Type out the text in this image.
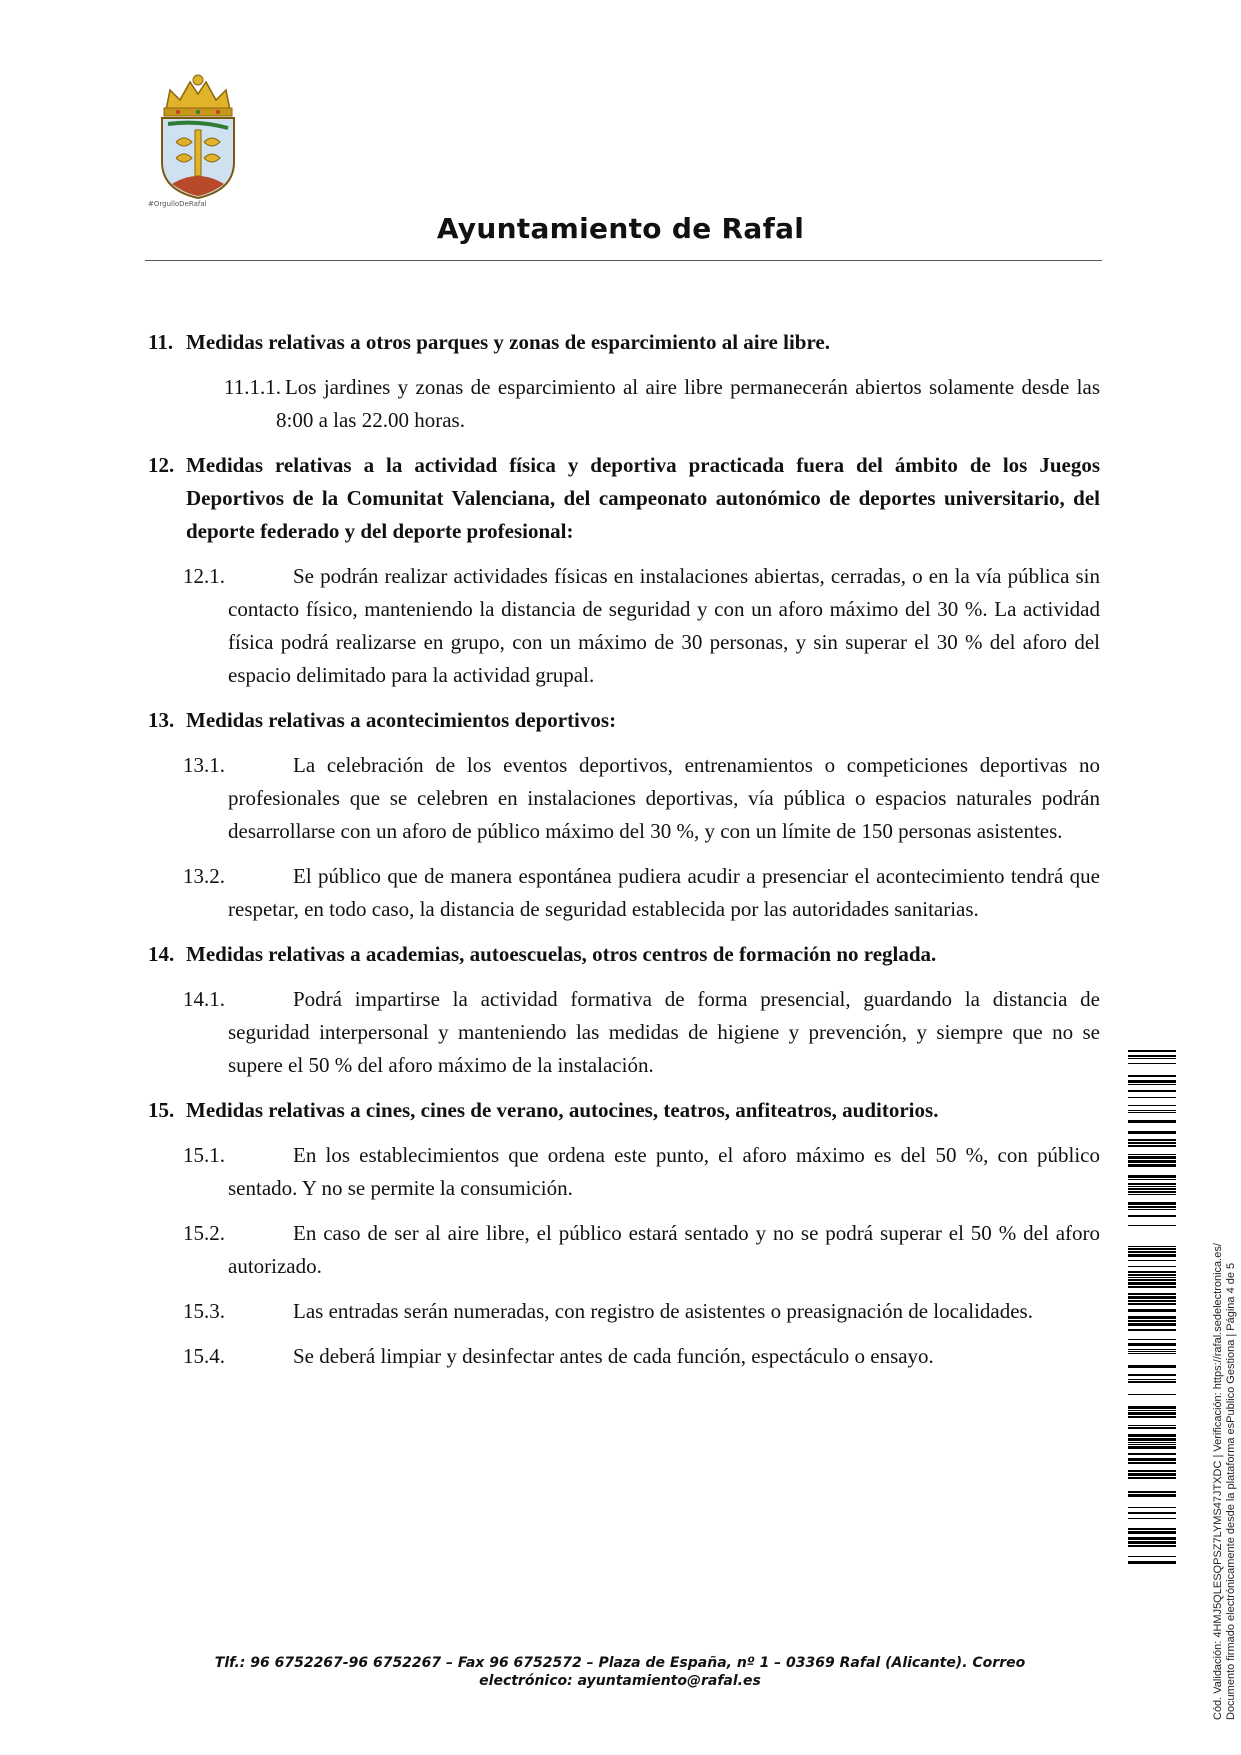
#OrgulloDeRafal
Ayuntamiento de Rafal
11. Medidas relativas a otros parques y zonas de esparcimiento al aire libre.
11.1.1. Los jardines y zonas de esparcimiento al aire libre permanecerán abiertos solamente desde las 8:00 a las 22.00 horas.
12. Medidas relativas a la actividad física y deportiva practicada fuera del ámbito de los Juegos Deportivos de la Comunitat Valenciana, del campeonato autonómico de deportes universitario, del deporte federado y del deporte profesional:
12.1.	Se podrán realizar actividades físicas en instalaciones abiertas, cerradas, o en la vía pública sin contacto físico, manteniendo la distancia de seguridad y con un aforo máximo del 30 %. La actividad física podrá realizarse en grupo, con un máximo de 30 personas, y sin superar el 30 % del aforo del espacio delimitado para la actividad grupal.
13. Medidas relativas a acontecimientos deportivos:
13.1.	La celebración de los eventos deportivos, entrenamientos o competiciones deportivas no profesionales que se celebren en instalaciones deportivas, vía pública o espacios naturales podrán desarrollarse con un aforo de público máximo del 30 %, y con un límite de 150 personas asistentes.
13.2.	El público que de manera espontánea pudiera acudir a presenciar el acontecimiento tendrá que respetar, en todo caso, la distancia de seguridad establecida por las autoridades sanitarias.
14. Medidas relativas a academias, autoescuelas, otros centros de formación no reglada.
14.1.	Podrá impartirse la actividad formativa de forma presencial, guardando la distancia de seguridad interpersonal y manteniendo las medidas de higiene y prevención, y siempre que no se supere el 50 % del aforo máximo de la instalación.
15. Medidas relativas a cines, cines de verano, autocines, teatros, anfiteatros, auditorios.
15.1.	En los establecimientos que ordena este punto, el aforo máximo es del 50 %, con público sentado. Y no se permite la consumición.
15.2.	En caso de ser al aire libre, el público estará sentado y no se podrá superar el 50 % del aforo autorizado.
15.3.	Las entradas serán numeradas, con registro de asistentes o preasignación de localidades.
15.4.	Se deberá limpiar y desinfectar antes de cada función, espectáculo o ensayo.	Cód. Validación: 4HMJ5QLESQPSZ7LYMS47JTXDC | Verificación: https://rafal.sedelectronica.es/ Documento firmado electrónicamente desde la plataforma esPublico Gestiona | Página 4 de 5
Tlf.: 96 6752267-96 6752267 – Fax 96 6752572 – Plaza de España, nº 1 – 03369 Rafal (Alicante). Correo
electrónico: ayuntamiento@rafal.es
